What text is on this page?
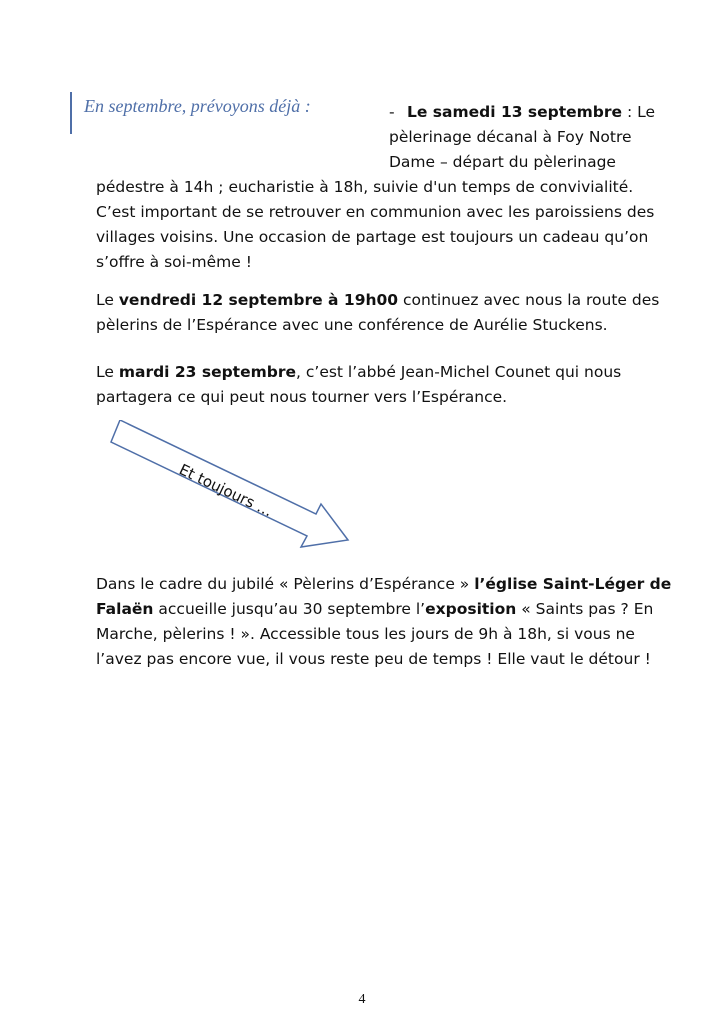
En septembre, prévoyons déjà :	- Le samedi 13 septembre : Le
pèlerinage décanal à Foy Notre
Dame – départ du pèlerinage
pédestre à 14h ; eucharistie à 18h, suivie d'un temps de convivialité.
C’est important de se retrouver en communion avec les paroissiens des
villages voisins. Une occasion de partage est toujours un cadeau qu’on
s’offre à soi-même !
Le vendredi 12 septembre à 19h00 continuez avec nous la route des
pèlerins de l’Espérance avec une conférence de Aurélie Stuckens.
Le mardi 23 septembre, c’est l’abbé Jean-Michel Counet qui nous
partagera ce qui peut nous tourner vers l’Espérance.
Et toujours …
Dans le cadre du jubilé « Pèlerins d’Espérance » l’église Saint-Léger de
Falaën accueille jusqu’au 30 septembre l’exposition « Saints pas ? En
Marche, pèlerins ! ». Accessible tous les jours de 9h à 18h, si vous ne
l’avez pas encore vue, il vous reste peu de temps ! Elle vaut le détour !
4
